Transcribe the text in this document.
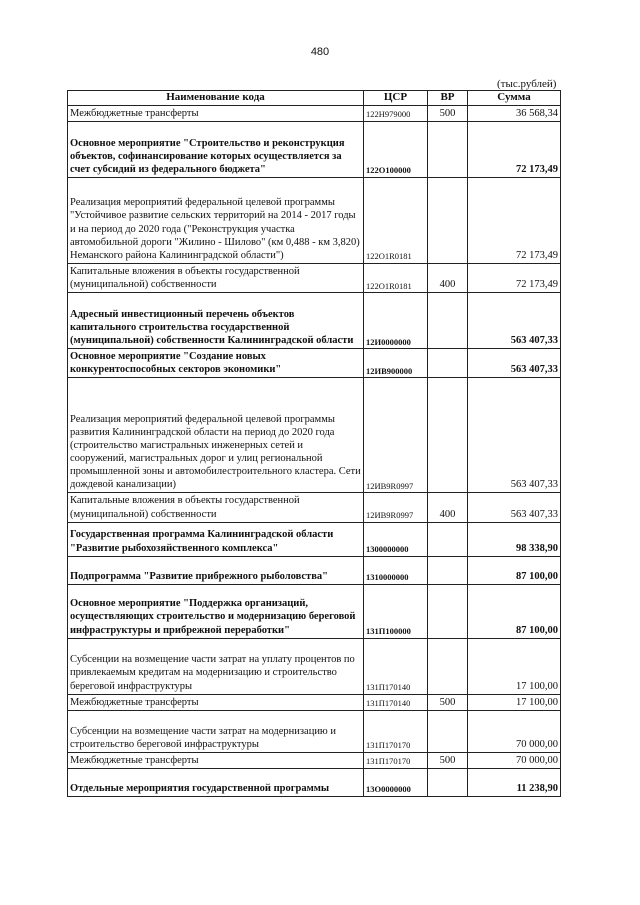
480
(тыс.рублей)
Наименование кода	ЦСР	ВР	Сумма
Межбюджетные трансферты	122Н979000	500	36 568,34
Основное мероприятие "Строительство и реконструкция объектов, софинансирование которых осуществляется за счет субсидий из федерального бюджета"	122О100000		72 173,49
Реализация мероприятий федеральной целевой программы "Устойчивое развитие сельских территорий на 2014 - 2017 годы и на период до 2020 года ("Реконструкция участка автомобильной дороги "Жилино - Шилово" (км 0,488 - км 3,820) Неманского района Калининградской области")	122О1R0181		72 173,49
Капитальные вложения в объекты государственной (муниципальной) собственности	122О1R0181	400	72 173,49
Адресный инвестиционный перечень объектов капитального строительства государственной (муниципальной) собственности Калининградской области	12И0000000		563 407,33
Основное мероприятие "Создание новых конкурентоспособных секторов экономики"	12ИВ900000		563 407,33
Реализация мероприятий федеральной целевой программы развития Калининградской области на период до 2020 года (строительство магистральных инженерных сетей и сооружений, магистральных дорог и улиц региональной промышленной зоны и автомобилестроительного кластера. Сети дождевой канализации)	12ИВ9R0997		563 407,33
Капитальные вложения в объекты государственной (муниципальной) собственности	12ИВ9R0997	400	563 407,33
Государственная программа Калининградской области "Развитие рыбохозяйственного комплекса"	1300000000		98 338,90
Подпрограмма "Развитие прибрежного рыболовства"	1310000000		87 100,00
Основное мероприятие "Поддержка организаций, осуществляющих строительство и модернизацию береговой инфраструктуры и прибрежной переработки"	131П100000		87 100,00
Субсенции на возмещение части затрат на уплату процентов по привлекаемым кредитам на модернизацию и строительство береговой инфраструктуры	131П170140		17 100,00
Межбюджетные трансферты	131П170140	500	17 100,00
Субсенции на возмещение части затрат на модернизацию и строительство береговой инфраструктуры	131П170170		70 000,00
Межбюджетные трансферты	131П170170	500	70 000,00
Отдельные мероприятия государственной программы	13О0000000		11 238,90
